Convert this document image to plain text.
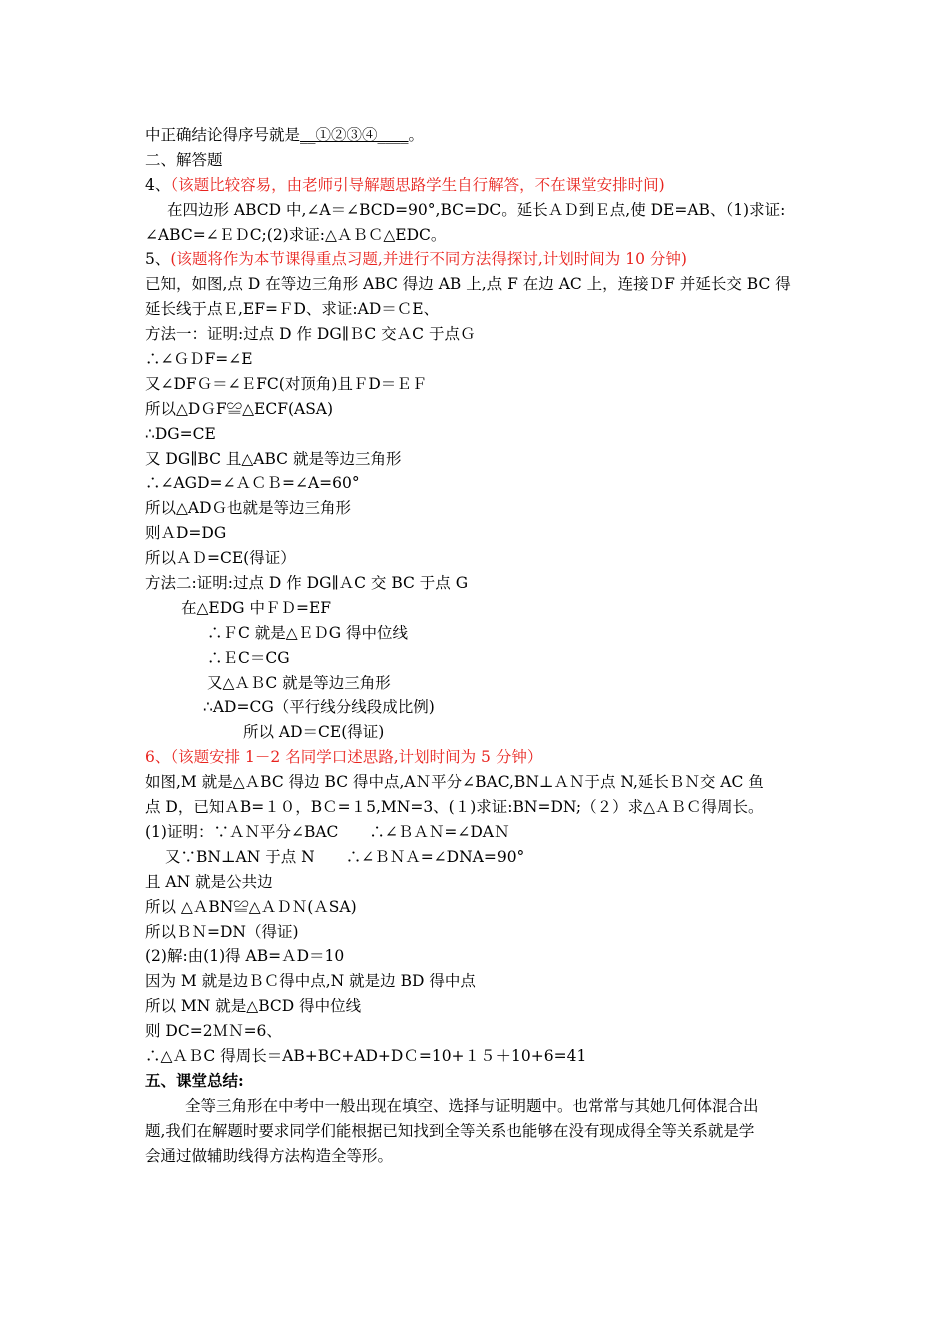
中正确结论得序号就是__①②③④____。
二、解答题
4、（该题比较容易，由老师引导解题思路学生自行解答，不在课堂安排时间)
在四边形 ABCD 中,∠A＝∠BCD=90°,BC=DC。延长ＡＤ到Ｅ点,使 DE=AB、（1)求证:
∠ABC=∠ＥＤC;(2)求证:△ＡＢＣ△EDC。
5、(该题将作为本节课得重点习题,并进行不同方法得探讨,计划时间为 10 分钟)
已知，如图,点 D 在等边三角形 ABC 得边 AB 上,点 F 在边 AC 上，连接ＤF 并延长交 BC 得
延长线于点Ｅ,EF=ＦD、求证:AD＝ＣE、
方法一：证明:过点 D 作 DG∥ＢC 交ＡC 于点Ｇ
∴∠ＧＤF=∠E
又∠DFＧ＝∠ＥFC(对顶角)且ＦD＝ＥＦ
所以△DＧF≌△ECF(ASA)
∴DG=CE
又 DG∥BC 且△ABC 就是等边三角形
∴∠AGD=∠ＡＣＢ=∠A=60°
所以△ADＧ也就是等边三角形
则ＡD=DG
所以ＡＤ=CE(得证）
方法二:证明:过点 D 作 DG∥ＡC 交 BC 于点 G
在△EDG 中ＦＤ=EF
∴ＦC 就是△ＥＤG 得中位线
∴ＥC＝CG
又△ＡＢC 就是等边三角形
∴AD=CG（平行线分线段成比例)
所以 AD＝CE(得证)
6、（该题安排 1－2 名同学口述思路,计划时间为 5 分钟）
如图,M 就是△ＡBC 得边 BC 得中点,AＮ平分∠BAC,BN⊥ＡＮ于点 N,延长ＢＮ交 AC 鱼
点 D，已知ＡB=１０，BＣ=１5,MN=3、(１)求证:BN=DN;（２）求△ＡＢＣ得周长。
(1)证明：∵ＡＮ平分∠BAC　　∴∠ＢＡＮ=∠DAＮ
又∵BN⊥AN 于点 N　　∴∠ＢＮＡ=∠DNA=90°
且 AN 就是公共边
所以 △ＡBN≌△ＡＤＮ(ＡSA)
所以ＢＮ=DN（得证)
(2)解:由(1)得 AB=ＡD＝10
因为 M 就是边ＢＣ得中点,N 就是边 BD 得中点
所以 MN 就是△BCD 得中位线
则 DC=2ＭＮ=6、
∴△ＡＢC 得周长＝AB+BC+AD+DＣ=10+１５＋10+6=41
五、课堂总结:
全等三角形在中考中一般出现在填空、选择与证明题中。也常常与其她几何体混合出
题,我们在解题时要求同学们能根据已知找到全等关系也能够在没有现成得全等关系就是学
会通过做辅助线得方法构造全等形。
